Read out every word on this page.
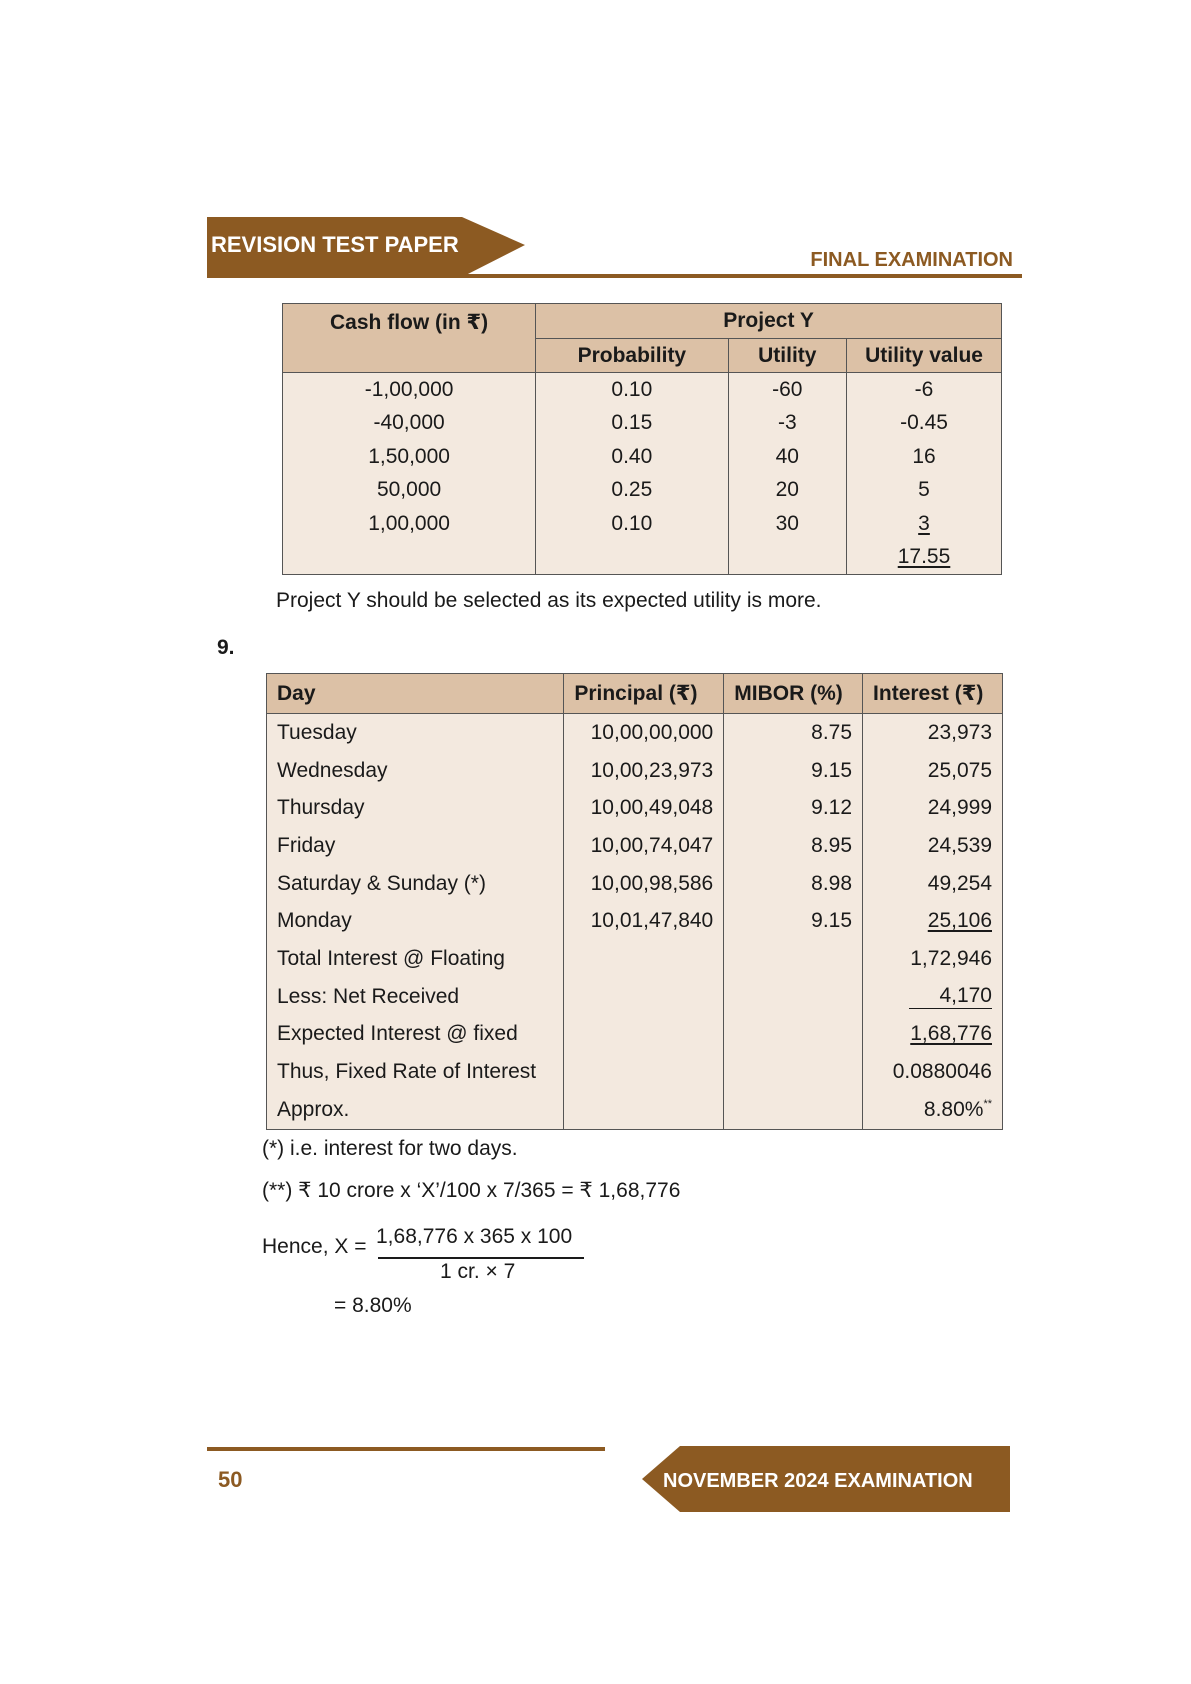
REVISION TEST PAPER
FINAL EXAMINATION
Cash flow (in ₹)	Project Y		
	Probability	Utility	Utility value
-1,00,000	0.10	-60	-6
-40,000	0.15	-3	-0.45
1,50,000	0.40	40	16
50,000	0.25	20	5
1,00,000	0.10	30	3
			17.55
Project Y should be selected as its expected utility is more.
9.
Day	Principal (₹)	MIBOR (%)	Interest (₹)
Tuesday	10,00,00,000	8.75	23,973
Wednesday	10,00,23,973	9.15	25,075
Thursday	10,00,49,048	9.12	24,999
Friday	10,00,74,047	8.95	24,539
Saturday & Sunday (*)	10,00,98,586	8.98	49,254
Monday	10,01,47,840	9.15	25,106
Total Interest @ Floating			1,72,946
Less: Net Received			4,170
Expected Interest @ fixed			1,68,776
Thus, Fixed Rate of Interest			0.0880046
Approx.			8.80%**
(*) i.e. interest for two days.
(**) ₹ 10 crore x ‘X’/100 x 7/365 = ₹ 1,68,776
Hence, X = 1,68,776 x 365 x 100
1 cr. × 7
= 8.80%
50	NOVEMBER 2024 EXAMINATION
